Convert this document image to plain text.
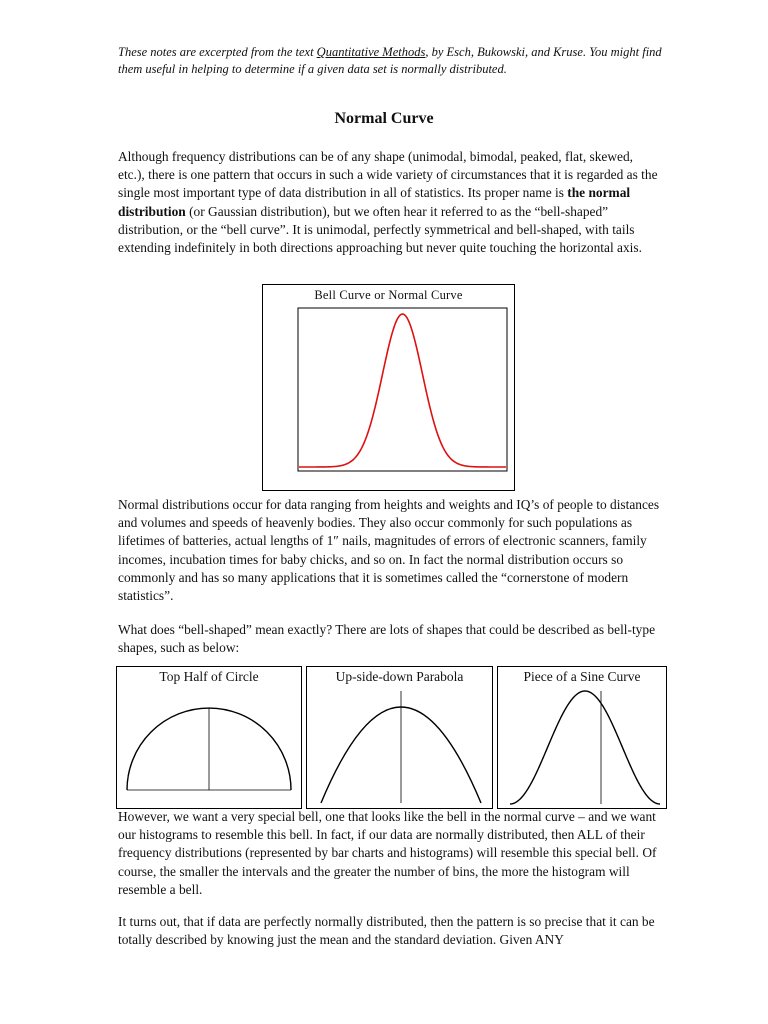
These notes are excerpted from the text Quantitative Methods, by Esch, Bukowski, and Kruse. You might find them useful in helping to determine if a given data set is normally distributed.
Normal Curve

Although frequency distributions can be of any shape (unimodal, bimodal, peaked, flat, skewed, etc.), there is one pattern that occurs in such a wide variety of circumstances that it is regarded as the single most important type of data distribution in all of statistics. Its proper name is the normal distribution (or Gaussian distribution), but we often hear it referred to as the “bell-shaped” distribution, or the “bell curve”. It is unimodal, perfectly symmetrical and bell-shaped, with tails extending indefinitely in both directions approaching but never quite touching the horizontal axis.

Bell Curve or Normal Curve

Normal distributions occur for data ranging from heights and weights and IQ’s of people to distances and volumes and speeds of heavenly bodies. They also occur commonly for such populations as lifetimes of batteries, actual lengths of 1″ nails, magnitudes of errors of electronic scanners, family incomes, incubation times for baby chicks, and so on. In fact the normal distribution occurs so commonly and has so many applications that it is sometimes called the “cornerstone of modern statistics”.

What does “bell-shaped” mean exactly? There are lots of shapes that could be described as bell-type shapes, such as below:

Top Half of Circle	Up-side-down Parabola	Piece of a Sine Curve

However, we want a very special bell, one that looks like the bell in the normal curve – and we want our histograms to resemble this bell. In fact, if our data are normally distributed, then ALL of their frequency distributions (represented by bar charts and histograms) will resemble this special bell. Of course, the smaller the intervals and the greater the number of bins, the more the histogram will resemble a bell.

It turns out, that if data are perfectly normally distributed, then the pattern is so precise that it can be totally described by knowing just the mean and the standard deviation. Given ANY
